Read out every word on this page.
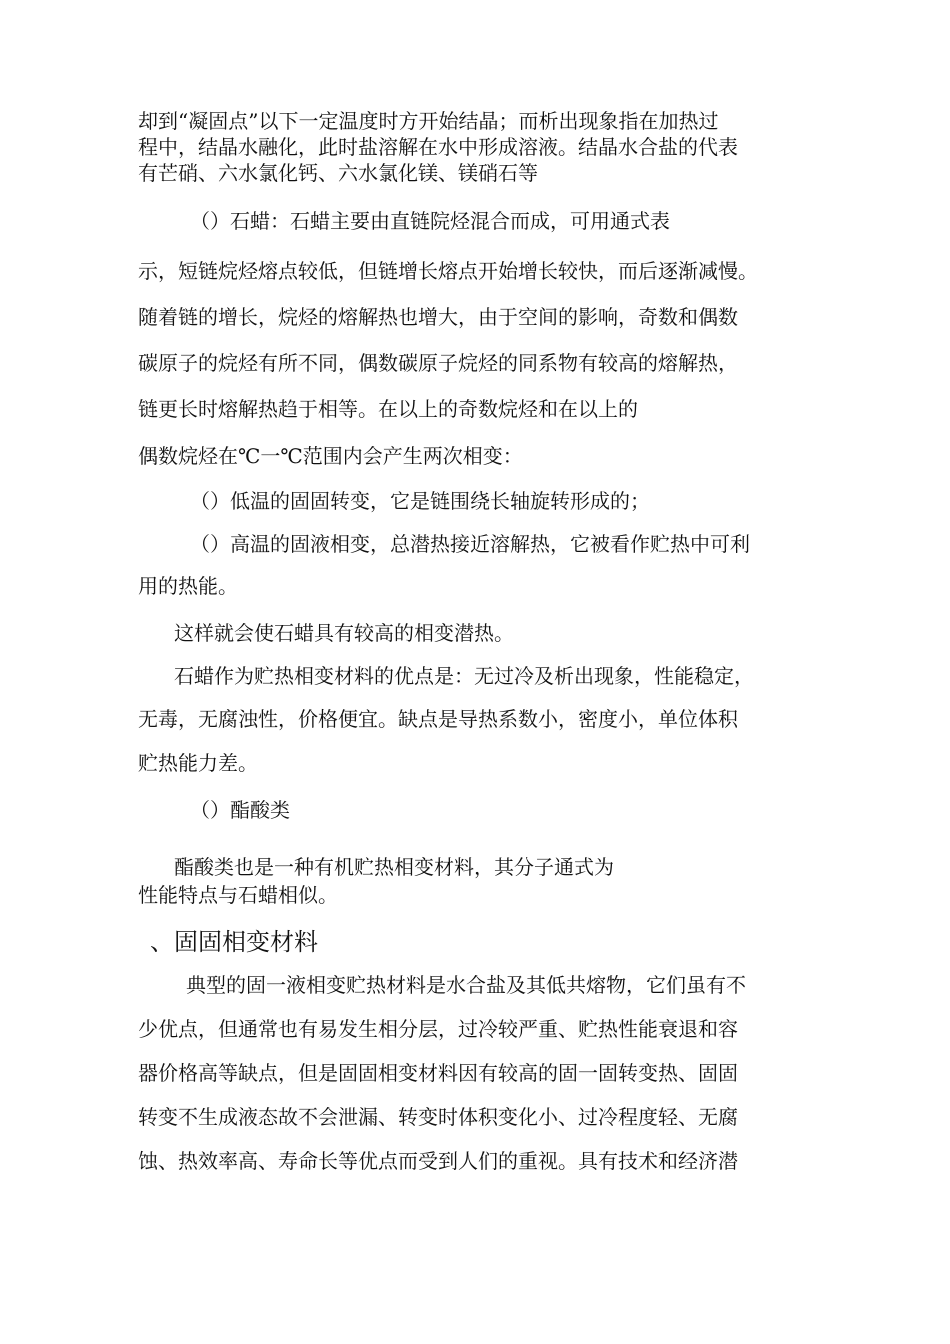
却到“凝固点”以下一定温度时方开始结晶；而析出现象指在加热过
程中，结晶水融化，此时盐溶解在水中形成溶液。结晶水合盐的代表
有芒硝、六水氯化钙、六水氯化镁、镁硝石等
（）石蜡：石蜡主要由直链院烃混合而成，可用通式表
示，短链烷烃熔点较低，但链增长熔点开始增长较快，而后逐渐减慢。
随着链的增长，烷烃的熔解热也增大，由于空间的影响，奇数和偶数
碳原子的烷烃有所不同，偶数碳原子烷烃的同系物有较高的熔解热，
链更长时熔解热趋于相等。在以上的奇数烷烃和在以上的
偶数烷烃在℃一℃范围内会产生两次相变：
（）低温的固固转变，它是链围绕长轴旋转形成的；
（）高温的固液相变，总潜热接近溶解热，它被看作贮热中可利
用的热能。
这样就会使石蜡具有较高的相变潜热。
石蜡作为贮热相变材料的优点是：无过冷及析出现象，性能稳定，
无毒，无腐浊性，价格便宜。缺点是导热系数小，密度小，单位体积
贮热能力差。
（）酯酸类
酯酸类也是一种有机贮热相变材料，其分子通式为
性能特点与石蜡相似。
、固固相变材料
典型的固一液相变贮热材料是水合盐及其低共熔物，它们虽有不
少优点，但通常也有易发生相分层，过冷较严重、贮热性能衰退和容
器价格高等缺点，但是固固相变材料因有较高的固一固转变热、固固
转变不生成液态故不会泄漏、转变时体积变化小、过冷程度轻、无腐
蚀、热效率高、寿命长等优点而受到人们的重视。具有技术和经济潜
